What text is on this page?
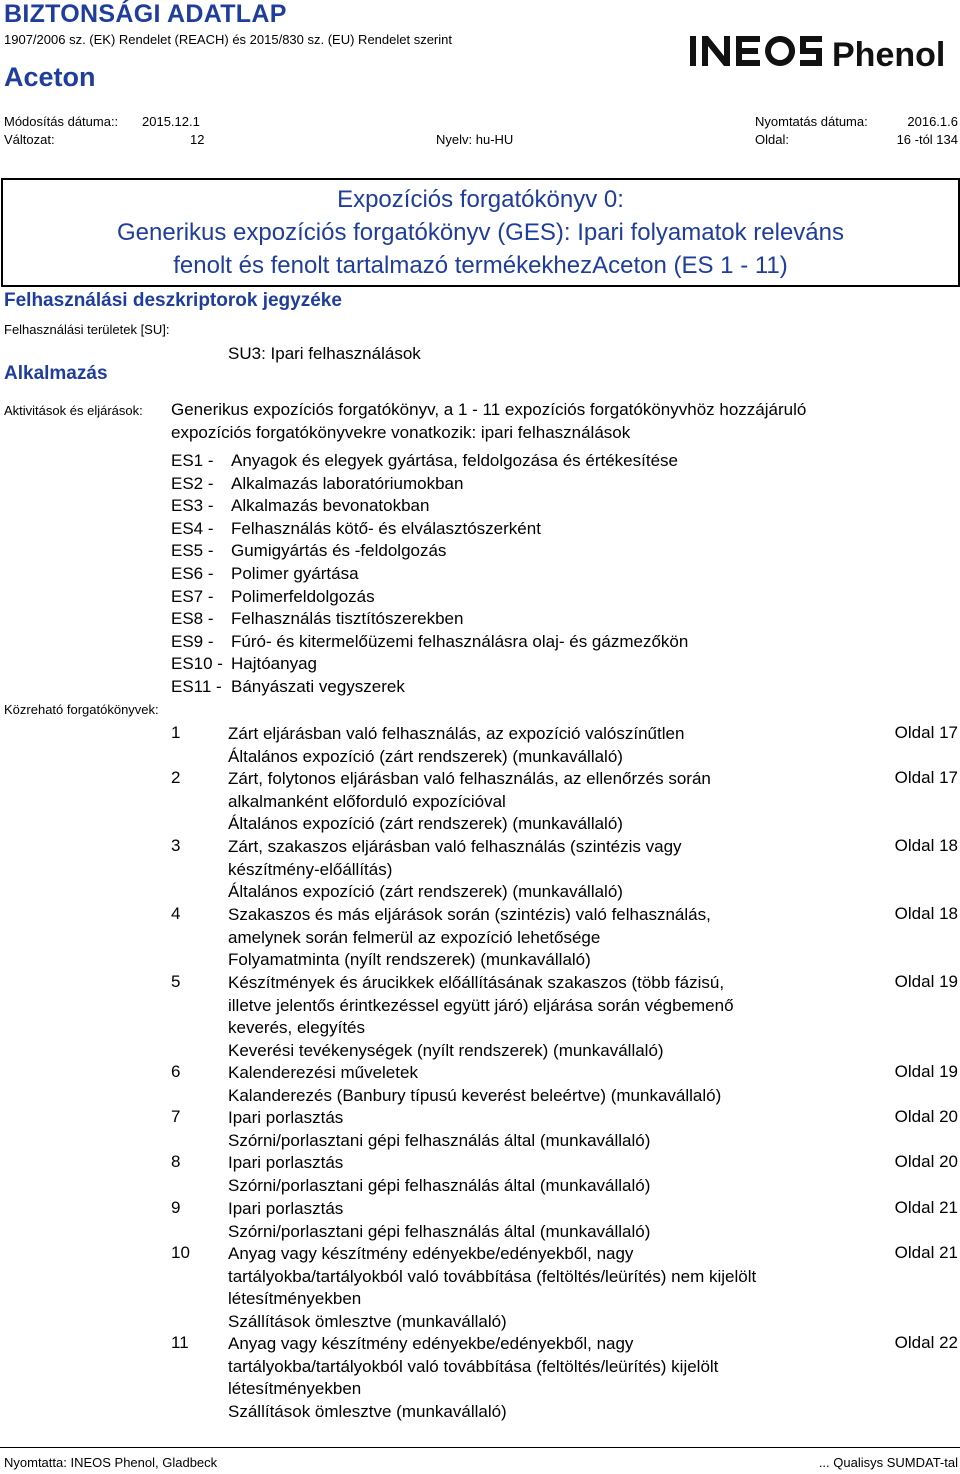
BIZTONSÁGI ADATLAP
1907/2006 sz. (EK) Rendelet (REACH) és 2015/830 sz. (EU) Rendelet szerint
Aceton
Phenol
Módosítás dátuma:: 2015.12.1	Nyomtatás dátuma:	2016.1.6
Változat:	12	Nyelv: hu-HU	Oldal:	16 -tól 134
Expozíciós forgatókönyv 0:
Generikus expozíciós forgatókönyv (GES): Ipari folyamatok releváns
fenolt és fenolt tartalmazó termékekhezAceton (ES 1 - 11)
Felhasználási deszkriptorok jegyzéke
Felhasználási területek [SU]:
SU3: Ipari felhasználások
Alkalmazás
Aktivitások és eljárások: Generikus expozíciós forgatókönyv, a 1 - 11 expozíciós forgatókönyvhöz hozzájáruló
expozíciós forgatókönyvekre vonatkozik: ipari felhasználások
ES1 - Anyagok és elegyek gyártása, feldolgozása és értékesítése
ES2 - Alkalmazás laboratóriumokban
ES3 - Alkalmazás bevonatokban
ES4 - Felhasználás kötő- és elválasztószerként
ES5 - Gumigyártás és -feldolgozás
ES6 - Polimer gyártása
ES7 - Polimerfeldolgozás
ES8 - Felhasználás tisztítószerekben
ES9 - Fúró- és kitermelőüzemi felhasználásra olaj- és gázmezőkön
ES10 - Hajtóanyag
ES11 - Bányászati vegyszerek
Közreható forgatókönyvek:
1	Zárt eljárásban való felhasználás, az expozíció valószínűtlen
Általános expozíció (zárt rendszerek) (munkavállaló)
Oldal 17
2	Zárt, folytonos eljárásban való felhasználás, az ellenőrzés során
alkalmanként előforduló expozícióval
Általános expozíció (zárt rendszerek) (munkavállaló)
Oldal 17
3	Zárt, szakaszos eljárásban való felhasználás (szintézis vagy
készítmény-előállítás)
Általános expozíció (zárt rendszerek) (munkavállaló)
Oldal 18
4	Szakaszos és más eljárások során (szintézis) való felhasználás,
amelynek során felmerül az expozíció lehetősége
Folyamatminta (nyílt rendszerek) (munkavállaló)
Oldal 18
5	Készítmények és árucikkek előállításának szakaszos (több fázisú,
illetve jelentős érintkezéssel együtt járó) eljárása során végbemenő
keverés, elegyítés
Keverési tevékenységek (nyílt rendszerek) (munkavállaló)
Oldal 19
6	Kalenderezési műveletek
Kalanderezés (Banbury típusú keverést beleértve) (munkavállaló)
Oldal 19
7	Ipari porlasztás
Szórni/porlasztani gépi felhasználás által (munkavállaló)
Oldal 20
8	Ipari porlasztás
Szórni/porlasztani gépi felhasználás által (munkavállaló)
Oldal 20
9	Ipari porlasztás
Szórni/porlasztani gépi felhasználás által (munkavállaló)
Oldal 21
10 Anyag vagy készítmény edényekbe/edényekből, nagy
tartályokba/tartályokból való továbbítása (feltöltés/leürítés) nem kijelölt
létesítményekben
Szállítások ömlesztve (munkavállaló)
Oldal 21
11 Anyag vagy készítmény edényekbe/edényekből, nagy
tartályokba/tartályokból való továbbítása (feltöltés/leürítés) kijelölt
létesítményekben
Szállítások ömlesztve (munkavállaló)
Oldal 22
Nyomtatta: INEOS Phenol, Gladbeck	... Qualisys SUMDAT-tal
